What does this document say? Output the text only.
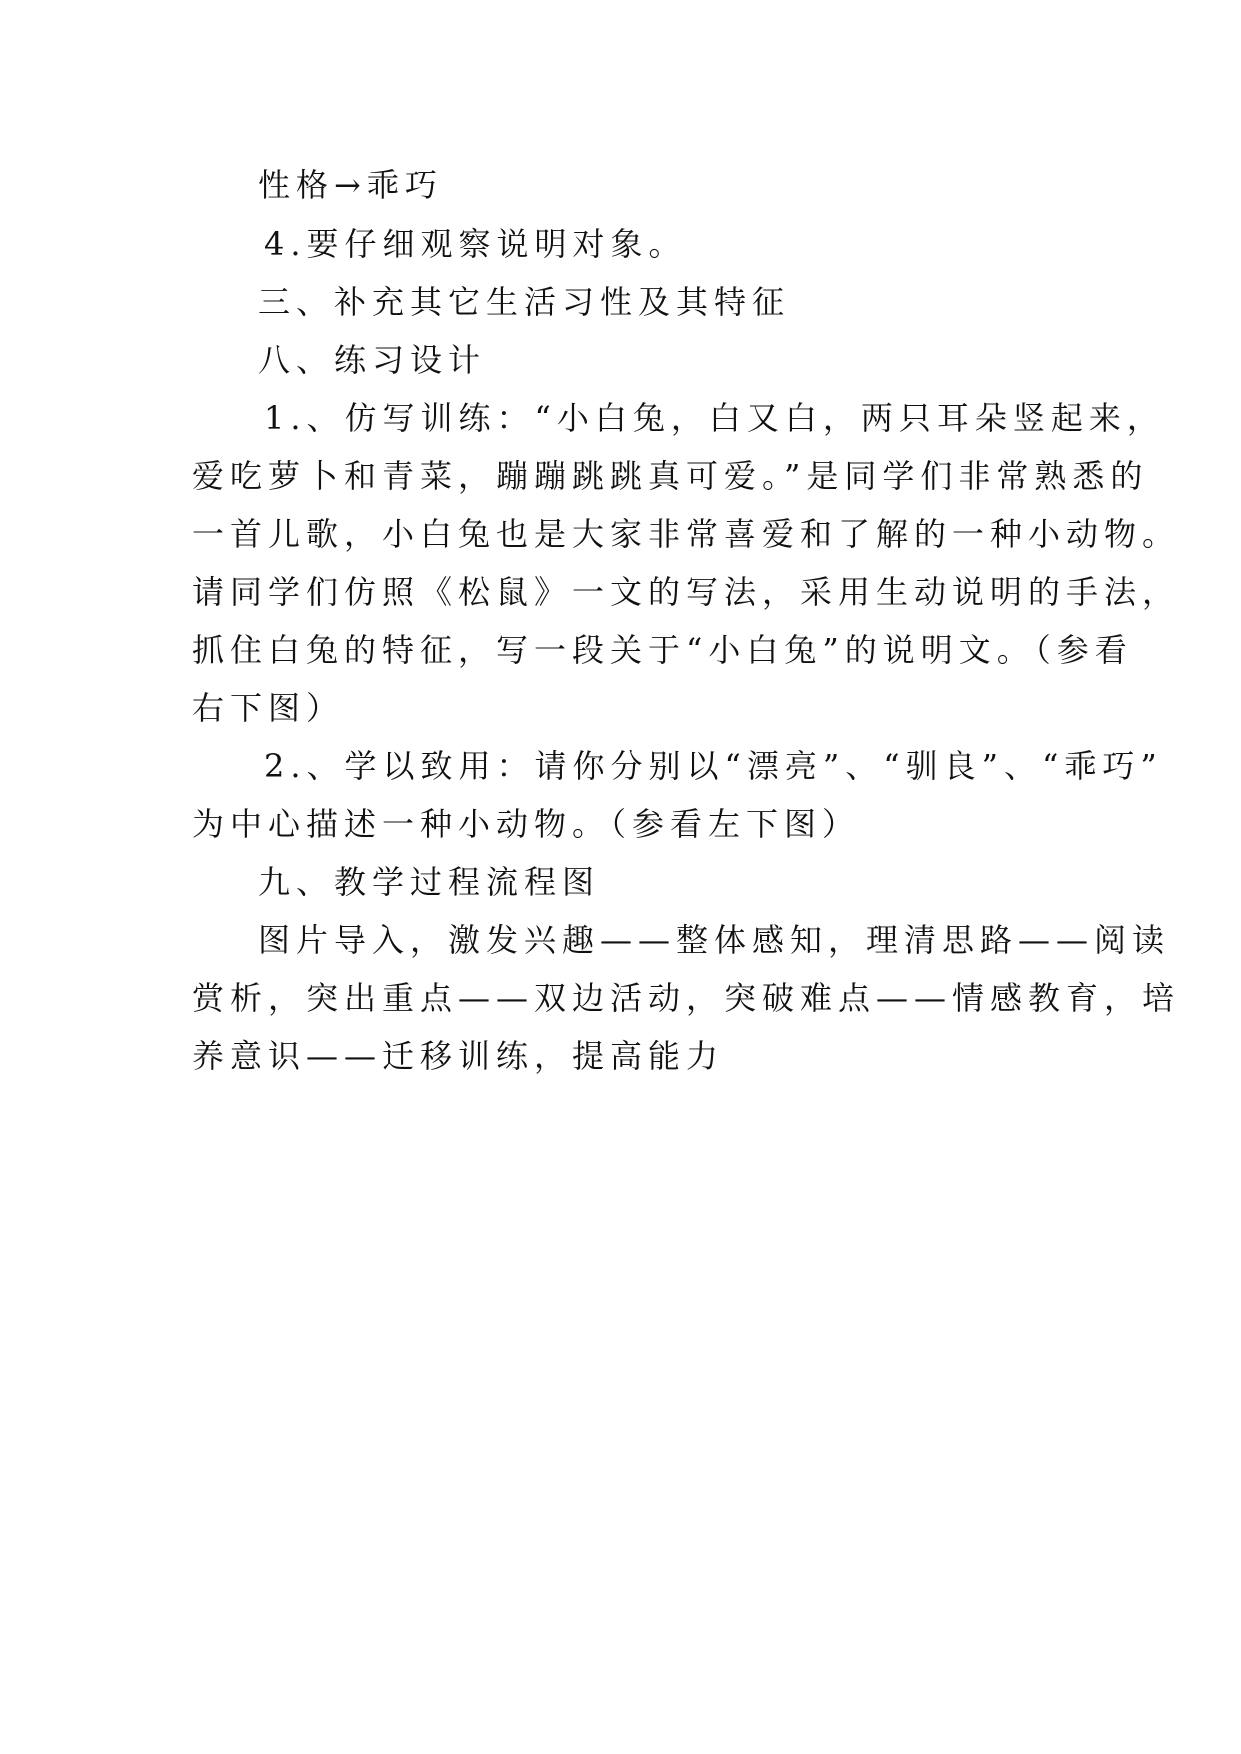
性格→乖巧
4.要仔细观察说明对象。
三、补充其它生活习性及其特征
八、练习设计
1.、仿写训练：“小白兔，白又白，两只耳朵竖起来，
爱吃萝卜和青菜，蹦蹦跳跳真可爱。”是同学们非常熟悉的
一首儿歌，小白兔也是大家非常喜爱和了解的一种小动物。
请同学们仿照《松鼠》一文的写法，采用生动说明的手法，
抓住白兔的特征，写一段关于“小白兔”的说明文。（参看
右下图）
2.、学以致用：请你分别以“漂亮”、“驯良”、“乖巧”
为中心描述一种小动物。（参看左下图）
九、教学过程流程图
图片导入，激发兴趣——整体感知，理清思路——阅读
赏析，突出重点——双边活动，突破难点——情感教育，培
养意识——迁移训练，提高能力
